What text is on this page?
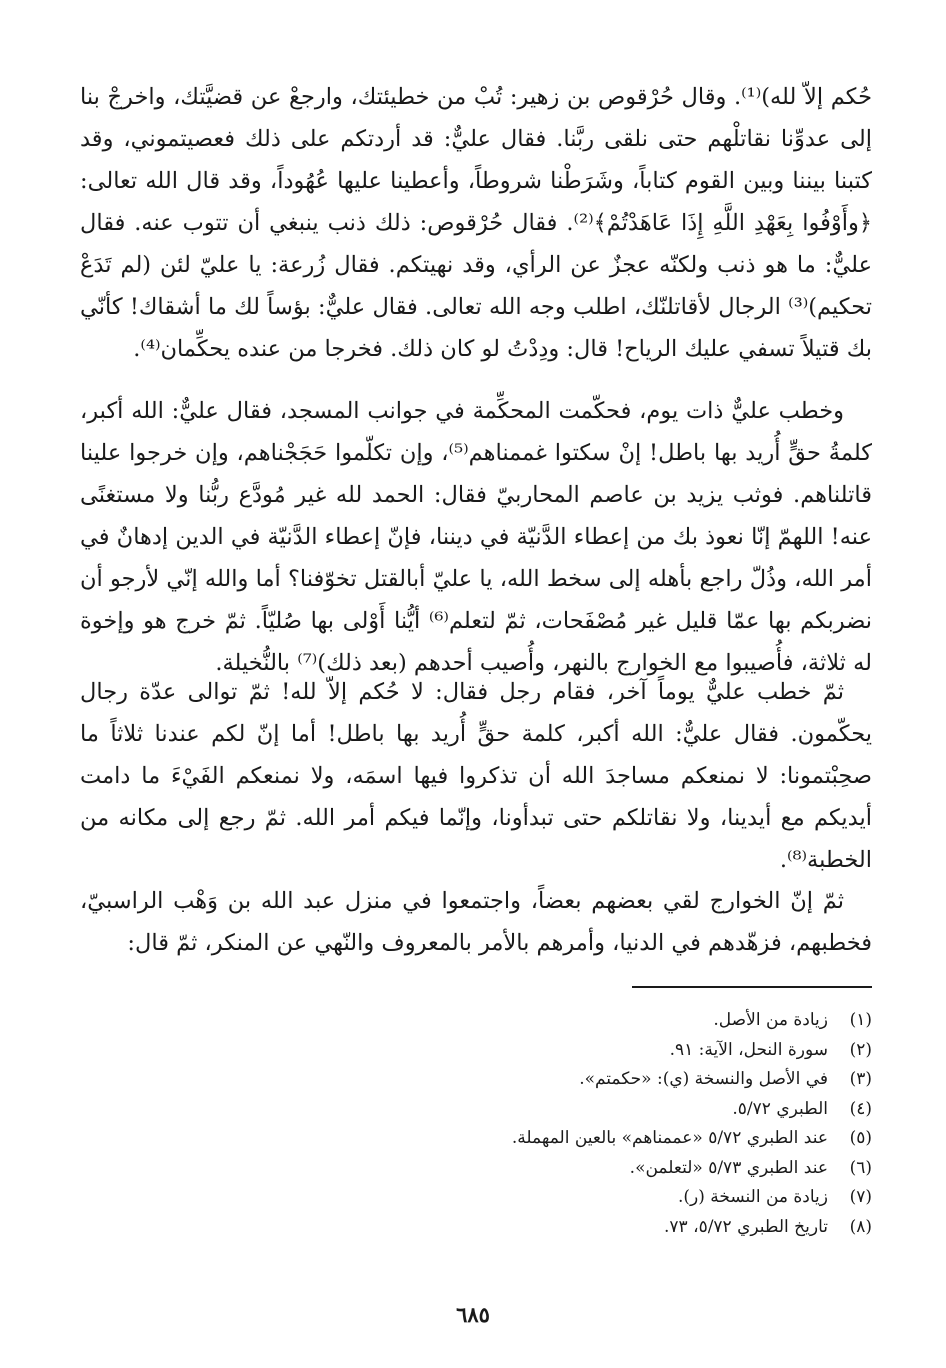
حُكم إلاّ لله)⁽¹⁾. وقال حُرْقوص بن زهير: تُبْ من خطيئتك، وارجعْ عن قضيَّتك، واخرجْ بنا إلى عدوِّنا نقاتلْهم حتى نلقى ربَّنا. فقال عليٌّ: قد أردتكم على ذلك فعصيتموني، وقد كتبنا بيننا وبين القوم كتاباً، وشَرَطْنا شروطاً، وأعطينا عليها عُهُوداً، وقد قال الله تعالى: ﴿وأَوْفُوا بِعَهْدِ اللَّهِ إِذَا عَاهَدْتُمْ﴾⁽²⁾. فقال حُرْقوص: ذلك ذنب ينبغي أن تتوب عنه. فقال عليٌّ: ما هو ذنب ولكنّه عجزٌ عن الرأي، وقد نهيتكم. فقال زُرعة: يا عليّ لئن (لم تَدَعْ تحكيم)⁽³⁾ الرجال لأقاتلنّك، اطلب وجه الله تعالى. فقال عليٌّ: بؤساً لك ما أشقاك! كأنّي بك قتيلاً تسفي عليك الرياح! قال: ودِدْتُ لو كان ذلك. فخرجا من عنده يحكِّمان⁽⁴⁾.

وخطب عليٌّ ذات يوم، فحكّمت المحكِّمة في جوانب المسجد، فقال عليٌّ: الله أكبر، كلمةُ حقٍّ أُريد بها باطل! إنْ سكتوا غممناهم⁽⁵⁾، وإن تكلّموا حَجَجْناهم، وإن خرجوا علينا قاتلناهم. فوثب يزيد بن عاصم المحاربيّ فقال: الحمد لله غير مُودَّع ربُّنا ولا مستغنًى عنه! اللهمّ إنّا نعوذ بك من إعطاء الدَّنيّة في ديننا، فإنّ إعطاء الدَّنيّة في الدين إدهانٌ في أمر الله، وذُلّ راجع بأهله إلى سخط الله، يا عليّ أبالقتل تخوّفنا؟ أما والله إنّي لأرجو أن نضربكم بها عمّا قليل غير مُصْفَحات، ثمّ لتعلم⁽⁶⁾ أيُّنا أَوْلى بها صُليّاً. ثمّ خرج هو وإخوة له ثلاثة، فأُصيبوا مع الخوارج بالنهر، وأُصيب أحدهم (بعد ذلك)⁽⁷⁾ بالنُّخيلة.

ثمّ خطب عليٌّ يوماً آخر، فقام رجل فقال: لا حُكم إلاّ لله! ثمّ توالى عدّة رجال يحكّمون. فقال عليٌّ: الله أكبر، كلمة حقٍّ أُريد بها باطل! أما إنّ لكم عندنا ثلاثاً ما صحِبْتمونا: لا نمنعكم مساجدَ الله أن تذكروا فيها اسمَه، ولا نمنعكم الفَيْءَ ما دامت أيديكم مع أيدينا، ولا نقاتلكم حتى تبدأونا، وإنّما فيكم أمر الله. ثمّ رجع إلى مكانه من الخطبة⁽⁸⁾.

ثمّ إنّ الخوارج لقي بعضهم بعضاً، واجتمعوا في منزل عبد الله بن وَهْب الراسبيّ، فخطبهم، فزهّدهم في الدنيا، وأمرهم بالأمر بالمعروف والنّهي عن المنكر، ثمّ قال:

(١)
زيادة من الأصل.
(٢)
سورة النحل، الآية: ٩١.
(٣)
في الأصل والنسخة (ي): «حكمتم».
(٤)
الطبري ٥/٧٢.
(٥)
عند الطبري ٥/٧٢ «عممناهم» بالعين المهملة.
(٦)
عند الطبري ٥/٧٣ «لتعلمن».
(٧)
زيادة من النسخة (ر).
(٨)
تاريخ الطبري ٥/٧٢، ٧٣.
٦٨٥
